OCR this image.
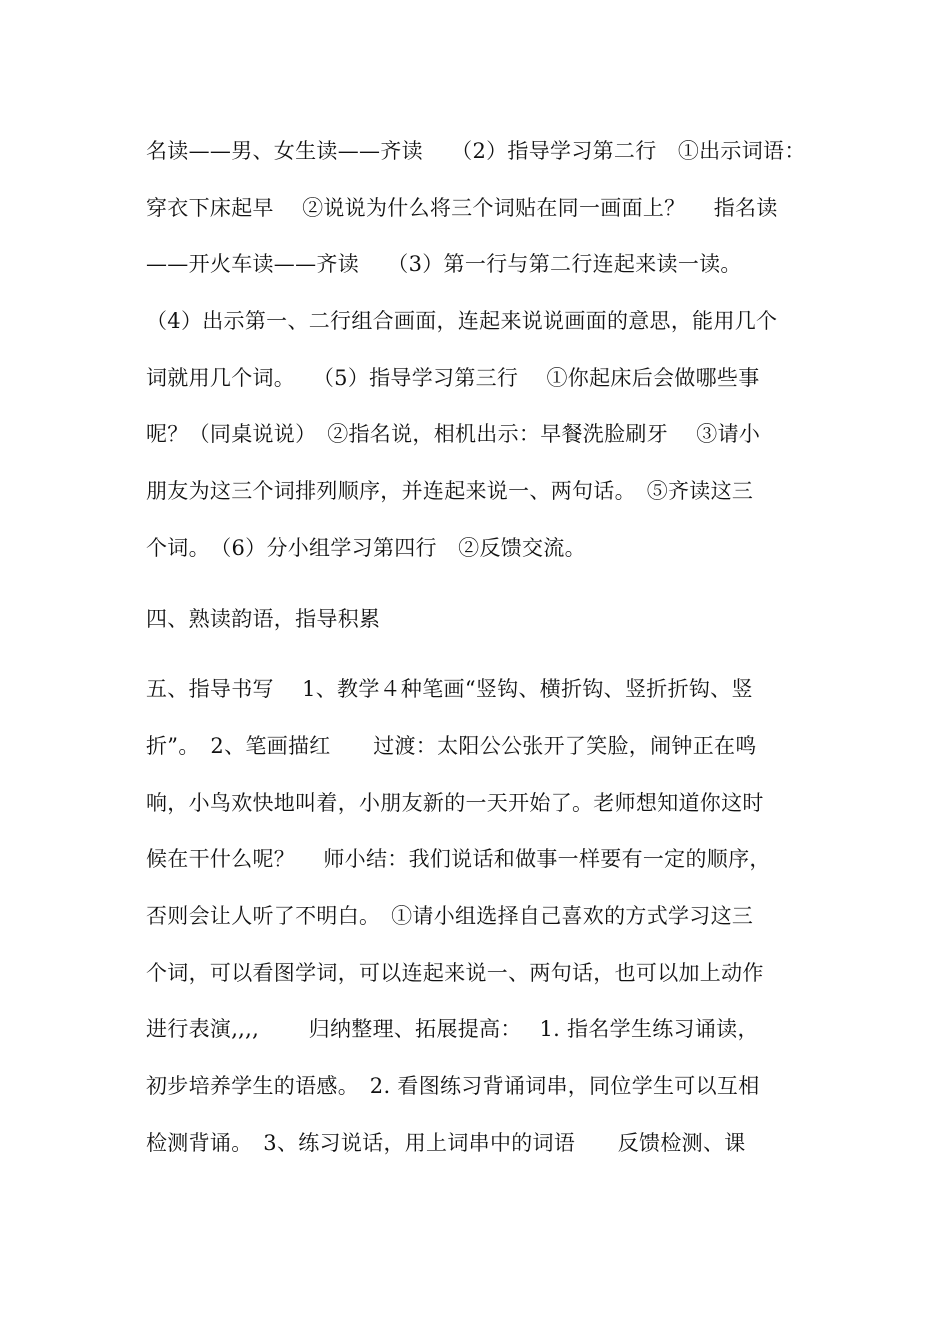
名读——男、女生读——齐读　 （2）指导学习第二行　①出示词语：
穿衣下床起早　 ②说说为什么将三个词贴在同一画面上？　 指名读
——开火车读——齐读　 （3）第一行与第二行连起来读一读。
（4）出示第一、二行组合画面，连起来说说画面的意思，能用几个
词就用几个词。　 （5）指导学习第三行　 ①你起床后会做哪些事
呢？（同桌说说）　②指名说，相机出示：早餐洗脸刷牙　 ③请小
朋友为这三个词排列顺序，并连起来说一、两句话。　⑤齐读这三
个词。　（6）分小组学习第四行　②反馈交流。
四、熟读韵语，指导积累
五、指导书写　 1、教学４种笔画“竖钩、横折钩、竖折折钩、竖
折”。　2、笔画描红　　过渡：太阳公公张开了笑脸，闹钟正在鸣
响，小鸟欢快地叫着，小朋友新的一天开始了。老师想知道你这时
候在干什么呢？　 师小结：我们说话和做事一样要有一定的顺序，
否则会让人听了不明白。　①请小组选择自己喜欢的方式学习这三
个词，可以看图学词，可以连起来说一、两句话，也可以加上动作
进行表演,,,,　　 归纳整理、拓展提高：　 1. 指名学生练习诵读，
初步培养学生的语感。　2. 看图练习背诵词串，同位学生可以互相
检测背诵。　3、练习说话，用上词串中的词语　　反馈检测、课
